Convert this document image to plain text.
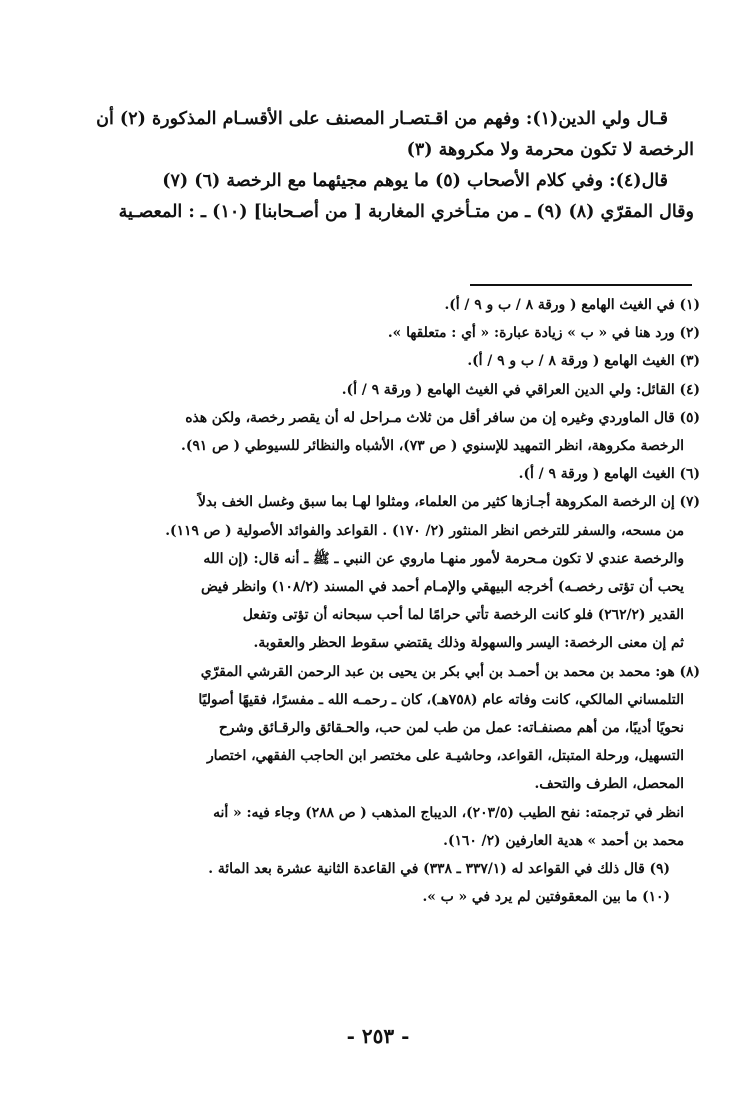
قـال ولي الدين(١): وفهم من اقـتصـار المصنف على الأقسـام المذكورة (٢) أن

الرخصة لا تكون محرمة ولا مكروهة (٣)

قال(٤): وفي كلام الأصحاب (٥) ما يوهم مجيئهما مع الرخصة (٦) (٧)

وقال المقرّي (٨) (٩) ـ من متـأخري المغاربة [ من أصـحابنا] (١٠) ـ : المعصـية

(١) في الغيث الهامع ( ورقة ٨ / ب و ٩ / أ).

(٢) ورد هنا في « ب » زيادة عبارة: « أي : متعلقها ».

(٣) الغيث الهامع ( ورقة ٨ / ب و ٩ / أ).

(٤) القائل: ولي الدين العراقي في الغيث الهامع ( ورقة ٩ / أ).

(٥) قال الماوردي وغيره إن من سافر أقل من ثلاث مـراحل له أن يقصر رخصة، ولكن هذه

الرخصة مكروهة، انظر التمهيد للإسنوي ( ص ٧٣)، الأشباه والنظائر للسيوطي ( ص ٩١).

(٦) الغيث الهامع ( ورقة ٩ / أ).

(٧) إن الرخصة المكروهة أجـازها كثير من العلماء، ومثلوا لهـا بما سبق وغسل الخف بدلاً

من مسحه، والسفر للترخص انظر المنثور (٢/ ١٧٠) . القواعد والفوائد الأصولية ( ص ١١٩).

والرخصة عندي لا تكون مـحرمة لأمور منهـا ماروي عن النبي ـ ﷺ ـ أنه قال: (إن الله

يحب أن تؤتى رخصـه) أخرجه البيهقي والإمـام أحمد في المسند (١٠٨/٢) وانظر فيض

القدير (٢٦٢/٢) فلو كانت الرخصة تأتي حرامًا لما أحب سبحانه أن تؤتى وتفعل

ثم إن معنى الرخصة: اليسر والسهولة وذلك يقتضي سقوط الحظر والعقوبة.

(٨) هو: محمد بن محمد بن أحمـد بن أبي بكر بن يحيى بن عبد الرحمن القرشي المقرّي

التلمساني المالكي، كانت وفاته عام (٧٥٨هـ)، كان ـ رحمـه الله ـ مفسرًا، فقيهًا أصوليًا

نحويًا أديبًا، من أهم مصنفـاته: عمل من طب لمن حب، والحـقائق والرقـائق وشرح

التسهيل، ورحلة المتبتل، القواعد، وحاشيـة على مختصر ابن الحاجب الفقهي، اختصار

المحصل، الطرف والتحف.

انظر في ترجمته: نفح الطيب (٢٠٣/٥)، الديباج المذهب ( ص ٢٨٨) وجاء فيه: « أنه

محمد بن أحمد » هدية العارفين (٢/ ١٦٠).

(٩) قال ذلك في القواعد له (٣٣٧/١ ـ ٣٣٨) في القاعدة الثانية عشرة بعد المائة .

(١٠) ما بين المعقوفتين لم يرد في « ب ».

- ٢٥٣ -
